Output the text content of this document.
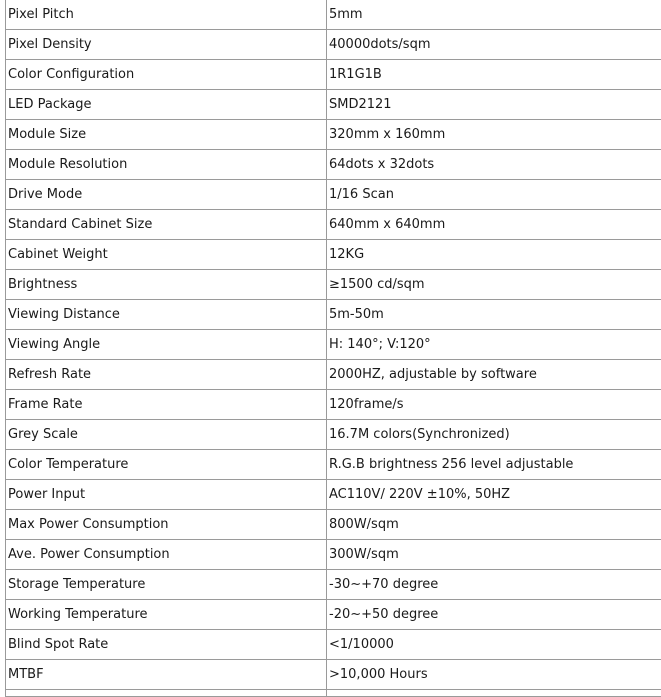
Pixel Pitch	5mm
Pixel Density	40000dots/sqm
Color Configuration	1R1G1B
LED Package	SMD2121
Module Size	320mm x 160mm
Module Resolution	64dots x 32dots
Drive Mode	1/16 Scan
Standard Cabinet Size	640mm x 640mm
Cabinet Weight	12KG
Brightness	≥1500 cd/sqm
Viewing Distance	5m-50m
Viewing Angle	H: 140°; V:120°
Refresh Rate	2000HZ, adjustable by software
Frame Rate	120frame/s
Grey Scale	16.7M colors(Synchronized)
Color Temperature	R.G.B brightness 256 level adjustable
Power Input	AC110V/ 220V ±10%, 50HZ
Max Power Consumption	800W/sqm
Ave. Power Consumption	300W/sqm
Storage Temperature	-30~+70 degree
Working Temperature	-20~+50 degree
Blind Spot Rate	<1/10000
MTBF	>10,000 Hours
